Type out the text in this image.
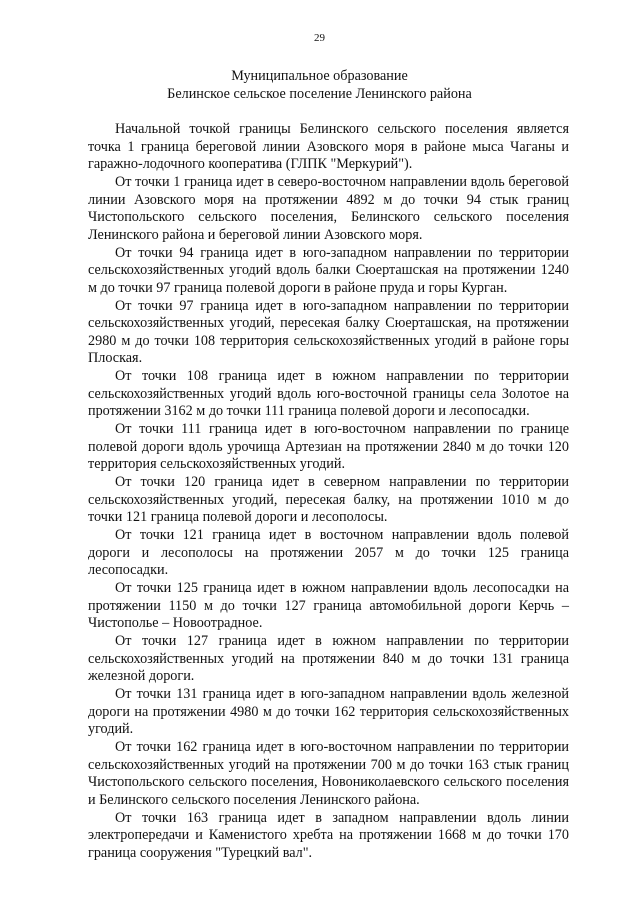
29
Муниципальное образование
Белинское сельское поселение Ленинского района

Начальной точкой границы Белинского сельского поселения является точка 1 граница береговой линии Азовского моря в районе мыса Чаганы и гаражно-лодочного кооператива (ГЛПК "Меркурий").

От точки 1 граница идет в северо-восточном направлении вдоль береговой линии Азовского моря на протяжении 4892 м до точки 94 стык границ Чистопольского сельского поселения, Белинского сельского поселения Ленинского района и береговой линии Азовского моря.

От точки 94 граница идет в юго-западном направлении по территории сельскохозяйственных угодий вдоль балки Сюерташская на протяжении 1240 м до точки 97 граница полевой дороги в районе пруда и горы Курган.

От точки 97 граница идет в юго-западном направлении по территории сельскохозяйственных угодий, пересекая балку Сюерташская, на протяжении 2980 м до точки 108 территория сельскохозяйственных угодий в районе горы Плоская.

От точки 108 граница идет в южном направлении по территории сельскохозяйственных угодий вдоль юго-восточной границы села Золотое на протяжении 3162 м до точки 111 граница полевой дороги и лесопосадки.

От точки 111 граница идет в юго-восточном направлении по границе полевой дороги вдоль урочища Артезиан на протяжении 2840 м до точки 120 территория сельскохозяйственных угодий.

От точки 120 граница идет в северном направлении по территории сельскохозяйственных угодий, пересекая балку, на протяжении 1010 м до точки 121 граница полевой дороги и лесополосы.

От точки 121 граница идет в восточном направлении вдоль полевой дороги и лесополосы на протяжении 2057 м до точки 125 граница лесопосадки.

От точки 125 граница идет в южном направлении вдоль лесопосадки на протяжении 1150 м до точки 127 граница автомобильной дороги Керчь – Чистополье – Новоотрадное.

От точки 127 граница идет в южном направлении по территории сельскохозяйственных угодий на протяжении 840 м до точки 131 граница железной дороги.

От точки 131 граница идет в юго-западном направлении вдоль железной дороги на протяжении 4980 м до точки 162 территория сельскохозяйственных угодий.

От точки 162 граница идет в юго-восточном направлении по территории сельскохозяйственных угодий на протяжении 700 м до точки 163 стык границ Чистопольского сельского поселения, Новониколаевского сельского поселения и Белинского сельского поселения Ленинского района.

От точки 163 граница идет в западном направлении вдоль линии электропередачи и Каменистого хребта на протяжении 1668 м до точки 170 граница сооружения "Турецкий вал".
